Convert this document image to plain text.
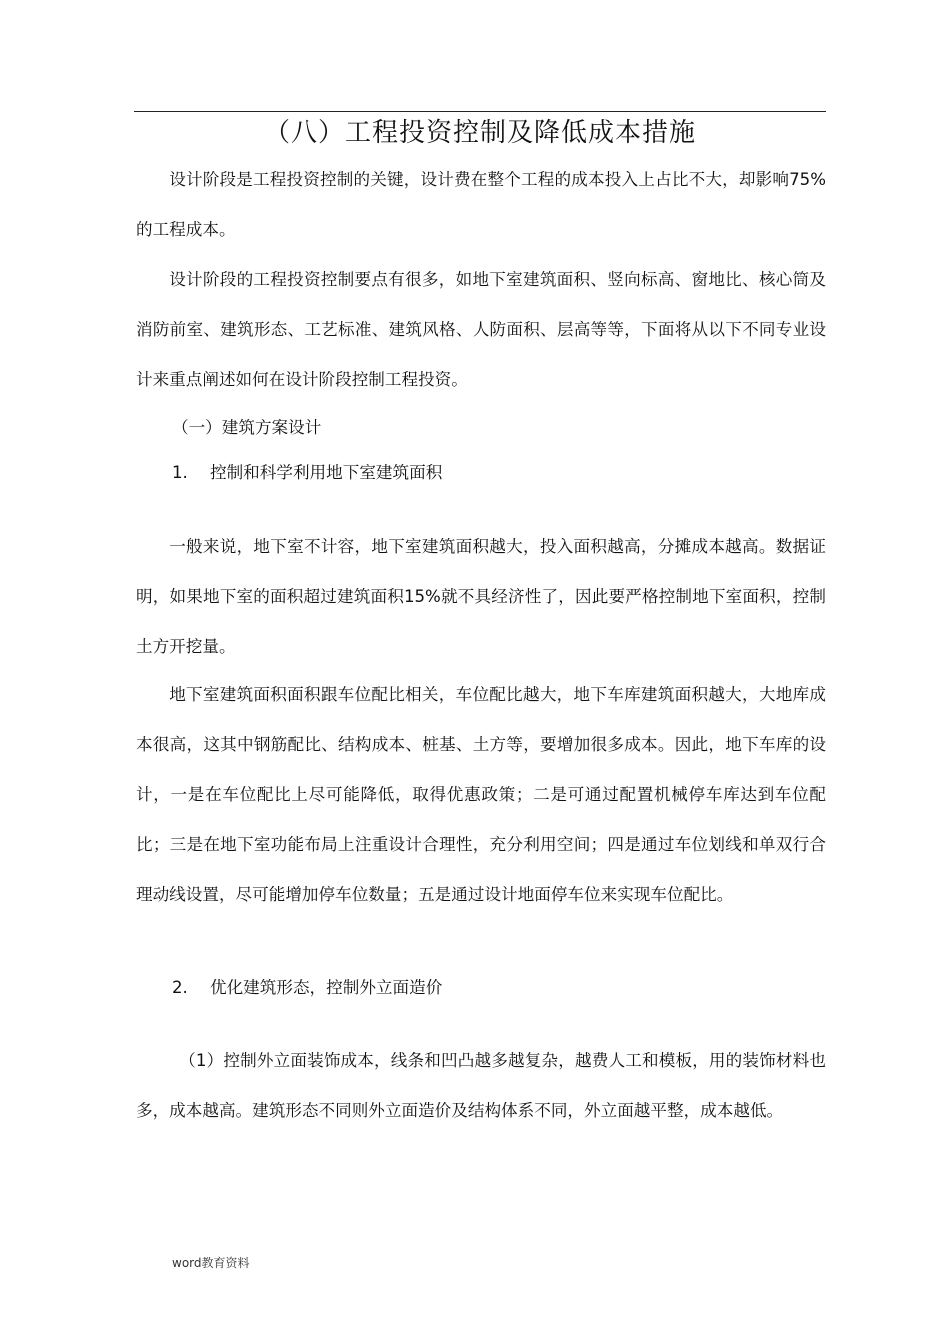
（八）工程投资控制及降低成本措施

设计阶段是工程投资控制的关键，设计费在整个工程的成本投入上占比不大，却影响75%的工程成本。

设计阶段的工程投资控制要点有很多，如地下室建筑面积、竖向标高、窗地比、核心筒及消防前室、建筑形态、工艺标准、建筑风格、人防面积、层高等等，下面将从以下不同专业设计来重点阐述如何在设计阶段控制工程投资。

（一）建筑方案设计
1. 控制和科学利用地下室建筑面积

一般来说，地下室不计容，地下室建筑面积越大，投入面积越高，分摊成本越高。数据证明，如果地下室的面积超过建筑面积15%就不具经济性了，因此要严格控制地下室面积，控制土方开挖量。

地下室建筑面积面积跟车位配比相关，车位配比越大，地下车库建筑面积越大，大地库成本很高，这其中钢筋配比、结构成本、桩基、土方等，要增加很多成本。因此，地下车库的设计，一是在车位配比上尽可能降低，取得优惠政策；二是可通过配置机械停车库达到车位配比；三是在地下室功能布局上注重设计合理性，充分利用空间；四是通过车位划线和单双行合理动线设置，尽可能增加停车位数量；五是通过设计地面停车位来实现车位配比。

2. 优化建筑形态，控制外立面造价

（1）控制外立面装饰成本，线条和凹凸越多越复杂，越费人工和模板，用的装饰材料也多，成本越高。建筑形态不同则外立面造价及结构体系不同，外立面越平整，成本越低。

word教育资料
